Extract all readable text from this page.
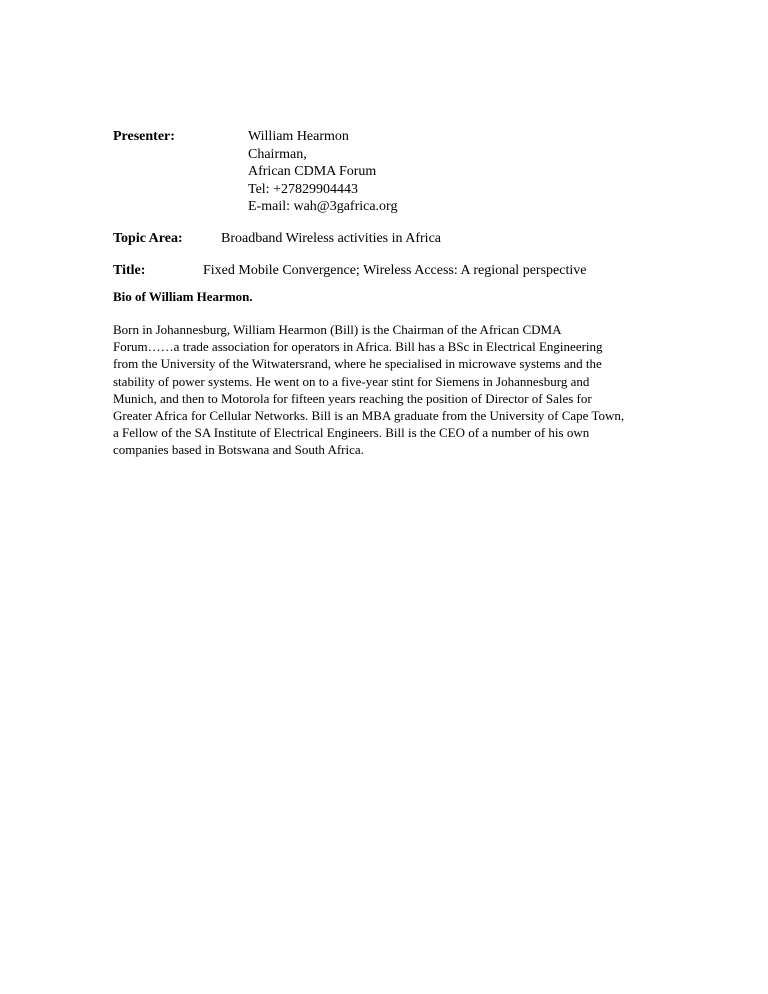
Presenter:	William Hearmon
Chairman,
African CDMA Forum
Tel: +27829904443
E-mail: wah@3gafrica.org
Topic Area:	Broadband Wireless activities in Africa
Title:	Fixed Mobile Convergence; Wireless Access: A regional perspective
Bio of William Hearmon.
Born in Johannesburg, William Hearmon (Bill) is the Chairman of the African CDMA
Forum……a trade association for operators in Africa. Bill has a BSc in Electrical Engineering
from the University of the Witwatersrand, where he specialised in microwave systems and the
stability of power systems. He went on to a five-year stint for Siemens in Johannesburg and
Munich, and then to Motorola for fifteen years reaching the position of Director of Sales for
Greater Africa for Cellular Networks. Bill is an MBA graduate from the University of Cape Town,
a Fellow of the SA Institute of Electrical Engineers. Bill is the CEO of a number of his own
companies based in Botswana and South Africa.
